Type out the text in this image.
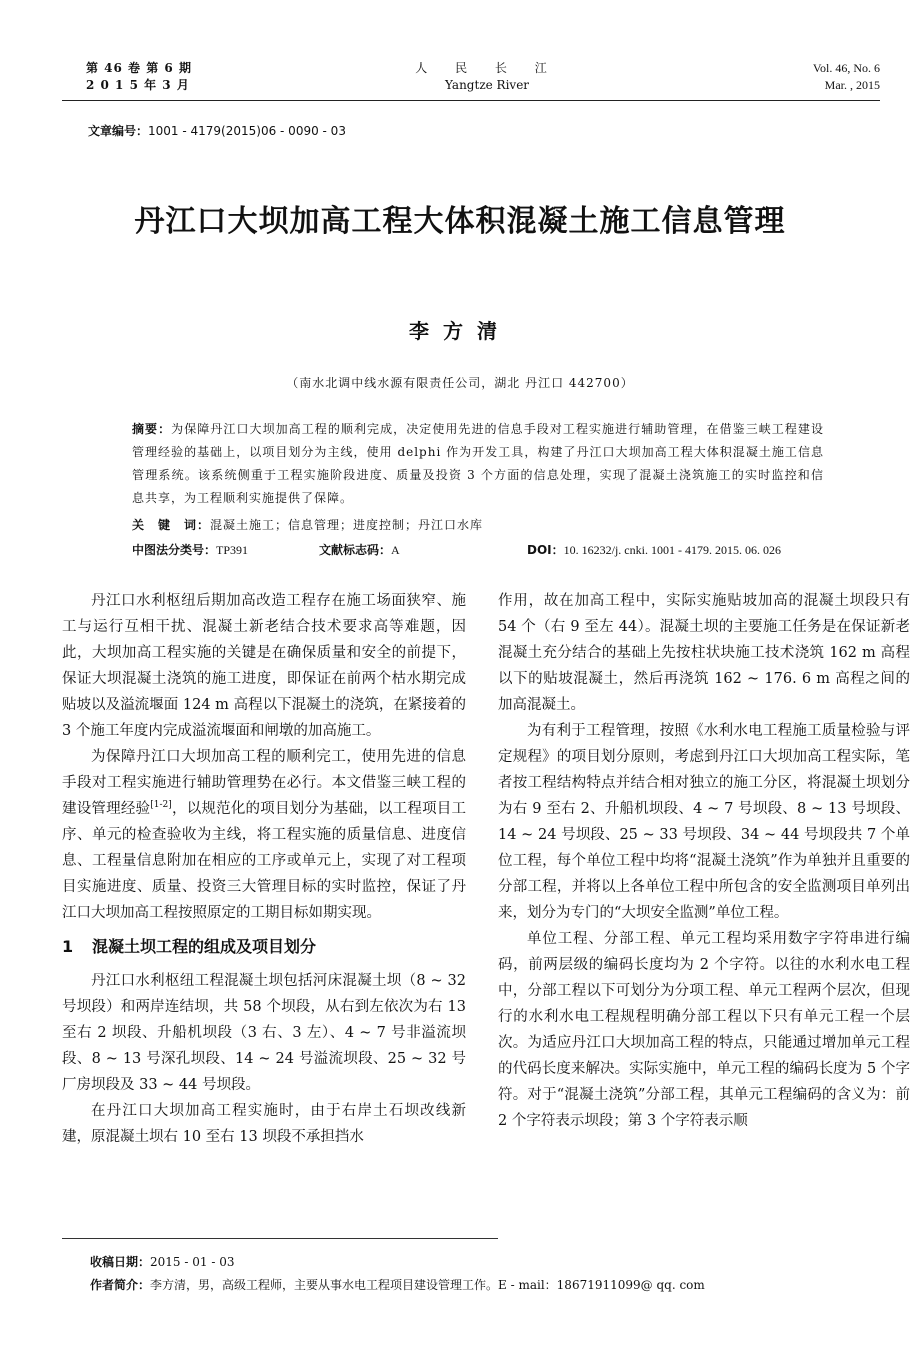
第 46 卷 第 6 期
2 0 1 5 年 3 月
人 民 长 江
Yangtze River
Vol. 46, No. 6
Mar. , 2015
文章编号：1001 - 4179(2015)06 - 0090 - 03
丹江口大坝加高工程大体积混凝土施工信息管理
李方清
（南水北调中线水源有限责任公司，湖北 丹江口 442700）
摘要：为保障丹江口大坝加高工程的顺利完成，决定使用先进的信息手段对工程实施进行辅助管理，在借鉴三峡工程建设管理经验的基础上，以项目划分为主线，使用 delphi 作为开发工具，构建了丹江口大坝加高工程大体积混凝土施工信息管理系统。该系统侧重于工程实施阶段进度、质量及投资 3 个方面的信息处理，实现了混凝土浇筑施工的实时监控和信息共享，为工程顺利实施提供了保障。
关　键　词：混凝土施工；信息管理；进度控制；丹江口水库
中图法分类号：TP391	文献标志码：A	DOI：10. 16232/j. cnki. 1001 - 4179. 2015. 06. 026

丹江口水利枢纽后期加高改造工程存在施工场面狭窄、施工与运行互相干扰、混凝土新老结合技术要求高等难题，因此，大坝加高工程实施的关键是在确保质量和安全的前提下，保证大坝混凝土浇筑的施工进度，即保证在前两个枯水期完成贴坡以及溢流堰面 124 m 高程以下混凝土的浇筑，在紧接着的 3 个施工年度内完成溢流堰面和闸墩的加高施工。

为保障丹江口大坝加高工程的顺利完工，使用先进的信息手段对工程实施进行辅助管理势在必行。本文借鉴三峡工程的建设管理经验[1-2]，以规范化的项目划分为基础，以工程项目工序、单元的检查验收为主线，将工程实施的质量信息、进度信息、工程量信息附加在相应的工序或单元上，实现了对工程项目实施进度、质量、投资三大管理目标的实时监控，保证了丹江口大坝加高工程按照原定的工期目标如期实现。

1 混凝土坝工程的组成及项目划分

丹江口水利枢纽工程混凝土坝包括河床混凝土坝（8 ~ 32 号坝段）和两岸连结坝，共 58 个坝段，从右到左依次为右 13 至右 2 坝段、升船机坝段（3 右、3 左）、4 ~ 7 号非溢流坝段、8 ~ 13 号深孔坝段、14 ~ 24 号溢流坝段、25 ~ 32 号厂房坝段及 33 ~ 44 号坝段。

在丹江口大坝加高工程实施时，由于右岸土石坝改线新建，原混凝土坝右 10 至右 13 坝段不承担挡水

作用，故在加高工程中，实际实施贴坡加高的混凝土坝段只有 54 个（右 9 至左 44）。混凝土坝的主要施工任务是在保证新老混凝土充分结合的基础上先按柱状块施工技术浇筑 162 m 高程以下的贴坡混凝土，然后再浇筑 162 ~ 176. 6 m 高程之间的加高混凝土。

为有利于工程管理，按照《水利水电工程施工质量检验与评定规程》的项目划分原则，考虑到丹江口大坝加高工程实际，笔者按工程结构特点并结合相对独立的施工分区，将混凝土坝划分为右 9 至右 2、升船机坝段、4 ~ 7 号坝段、8 ~ 13 号坝段、14 ~ 24 号坝段、25 ~ 33 号坝段、34 ~ 44 号坝段共 7 个单位工程，每个单位工程中均将“混凝土浇筑”作为单独并且重要的分部工程，并将以上各单位工程中所包含的安全监测项目单列出来，划分为专门的“大坝安全监测”单位工程。

单位工程、分部工程、单元工程均采用数字字符串进行编码，前两层级的编码长度均为 2 个字符。以往的水利水电工程中，分部工程以下可划分为分项工程、单元工程两个层次，但现行的水利水电工程规程明确分部工程以下只有单元工程一个层次。为适应丹江口大坝加高工程的特点，只能通过增加单元工程的代码长度来解决。实际实施中，单元工程的编码长度为 5 个字符。对于“混凝土浇筑”分部工程，其单元工程编码的含义为：前 2 个字符表示坝段；第 3 个字符表示顺

收稿日期：2015 - 01 - 03
作者简介：李方清，男，高级工程师，主要从事水电工程项目建设管理工作。E - mail：18671911099@ qq. com
